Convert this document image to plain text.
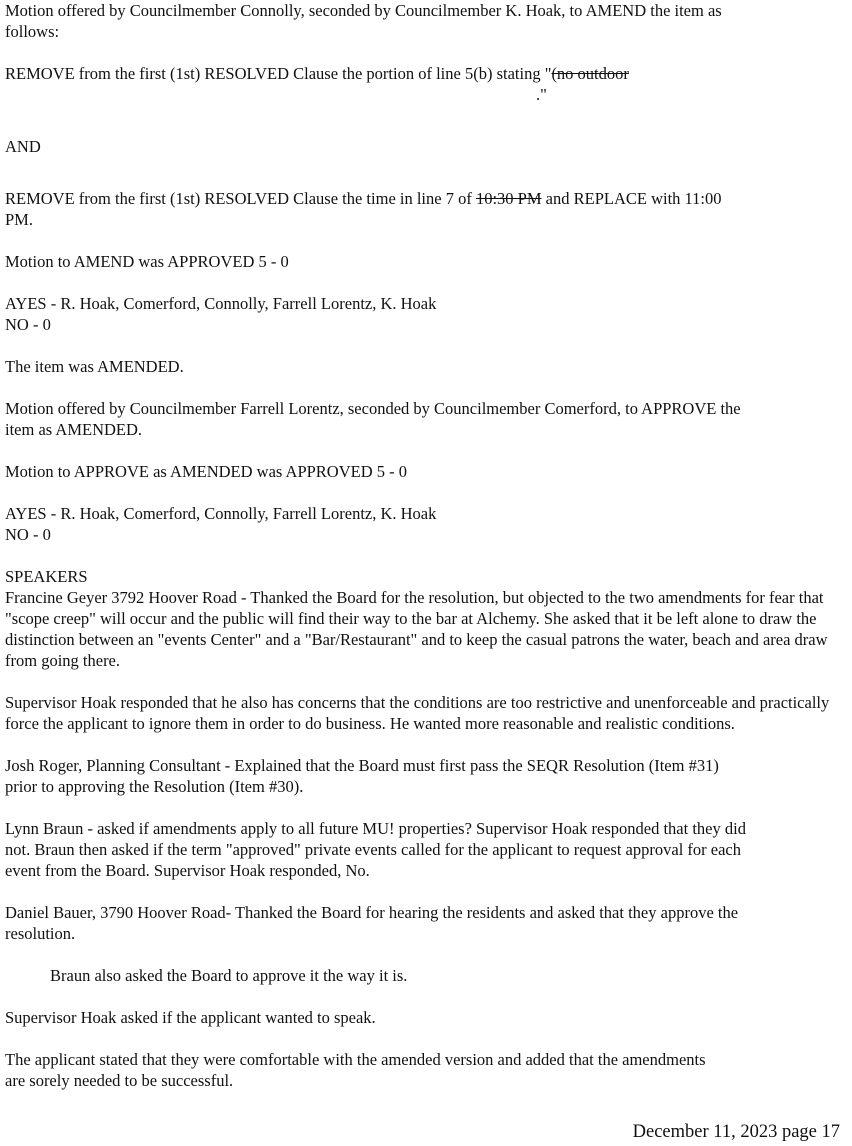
Motion offered by Councilmember Connolly, seconded by Councilmember K. Hoak, to AMEND the item as follows:

REMOVE from the first (1st) RESOLVED Clause the portion of line 5(b) stating "(no outdoor

."

AND

REMOVE from the first (1st) RESOLVED Clause the time in line 7 of 10:30 PM and REPLACE with 11:00 PM.

Motion to AMEND was APPROVED 5 - 0

AYES - R. Hoak, Comerford, Connolly, Farrell Lorentz, K. Hoak

NO - 0

The item was AMENDED.

Motion offered by Councilmember Farrell Lorentz, seconded by Councilmember Comerford, to APPROVE the item as AMENDED.

Motion to APPROVE as AMENDED was APPROVED 5 - 0

AYES - R. Hoak, Comerford, Connolly, Farrell Lorentz, K. Hoak

NO - 0

SPEAKERS

Francine Geyer 3792 Hoover Road - Thanked the Board for the resolution, but objected to the two amendments for fear that "scope creep" will occur and the public will find their way to the bar at Alchemy. She asked that it be left alone to draw the distinction between an "events Center" and a "Bar/Restaurant" and to keep the casual patrons the water, beach and area draw from going there.

Supervisor Hoak responded that he also has concerns that the conditions are too restrictive and unenforceable and practically force the applicant to ignore them in order to do business. He wanted more reasonable and realistic conditions.

Josh Roger, Planning Consultant - Explained that the Board must first pass the SEQR Resolution (Item #31) prior to approving the Resolution (Item #30).

Lynn Braun - asked if amendments apply to all future MU! properties? Supervisor Hoak responded that they did not. Braun then asked if the term "approved" private events called for the applicant to request approval for each event from the Board. Supervisor Hoak responded, No.

Daniel Bauer, 3790 Hoover Road- Thanked the Board for hearing the residents and asked that they approve the resolution.

Braun also asked the Board to approve it the way it is.

Supervisor Hoak asked if the applicant wanted to speak.

The applicant stated that they were comfortable with the amended version and added that the amendments are sorely needed to be successful.

December 11, 2023 page 17
